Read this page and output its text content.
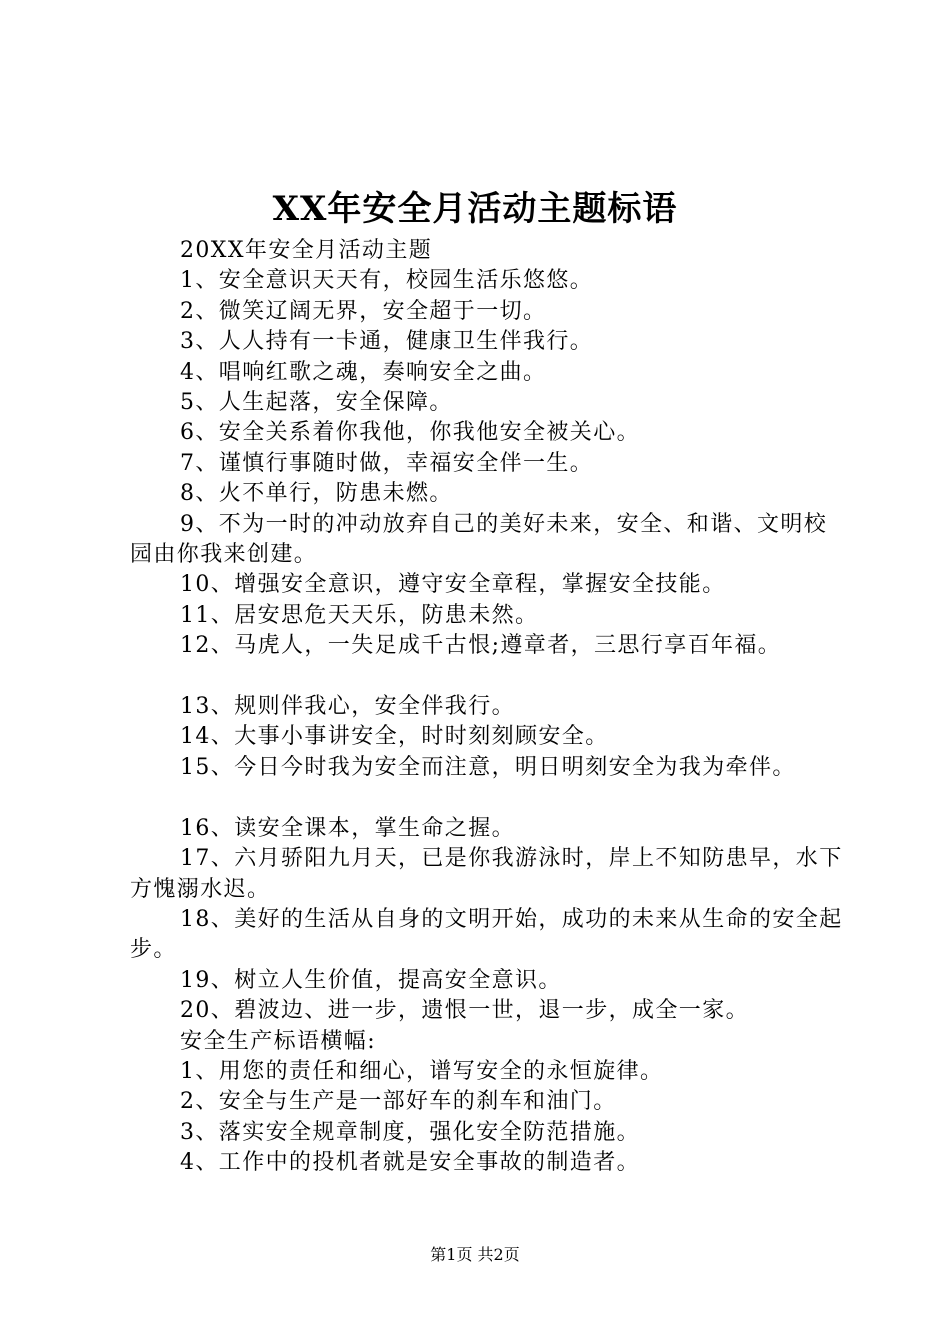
XX年安全月活动主题标语

20XX年安全月活动主题

1、安全意识天天有，校园生活乐悠悠。

2、微笑辽阔无界，安全超于一切。

3、人人持有一卡通，健康卫生伴我行。

4、唱响红歌之魂，奏响安全之曲。

5、人生起落，安全保障。

6、安全关系着你我他，你我他安全被关心。

7、谨慎行事随时做，幸福安全伴一生。

8、火不单行，防患未燃。

9、不为一时的冲动放弃自己的美好未来，安全、和谐、文明校园由你我来创建。

10、增强安全意识，遵守安全章程，掌握安全技能。

11、居安思危天天乐，防患未然。

12、马虎人，一失足成千古恨;遵章者，三思行享百年福。

13、规则伴我心，安全伴我行。

14、大事小事讲安全，时时刻刻顾安全。

15、今日今时我为安全而注意，明日明刻安全为我为牵伴。

16、读安全课本，掌生命之握。

17、六月骄阳九月天，已是你我游泳时，岸上不知防患早，水下方愧溺水迟。

18、美好的生活从自身的文明开始，成功的未来从生命的安全起步。

19、树立人生价值，提高安全意识。

20、碧波边、进一步，遗恨一世，退一步，成全一家。

安全生产标语横幅:

1、用您的责任和细心，谱写安全的永恒旋律。

2、安全与生产是一部好车的刹车和油门。

3、落实安全规章制度，强化安全防范措施。

4、工作中的投机者就是安全事故的制造者。

第1页 共2页
